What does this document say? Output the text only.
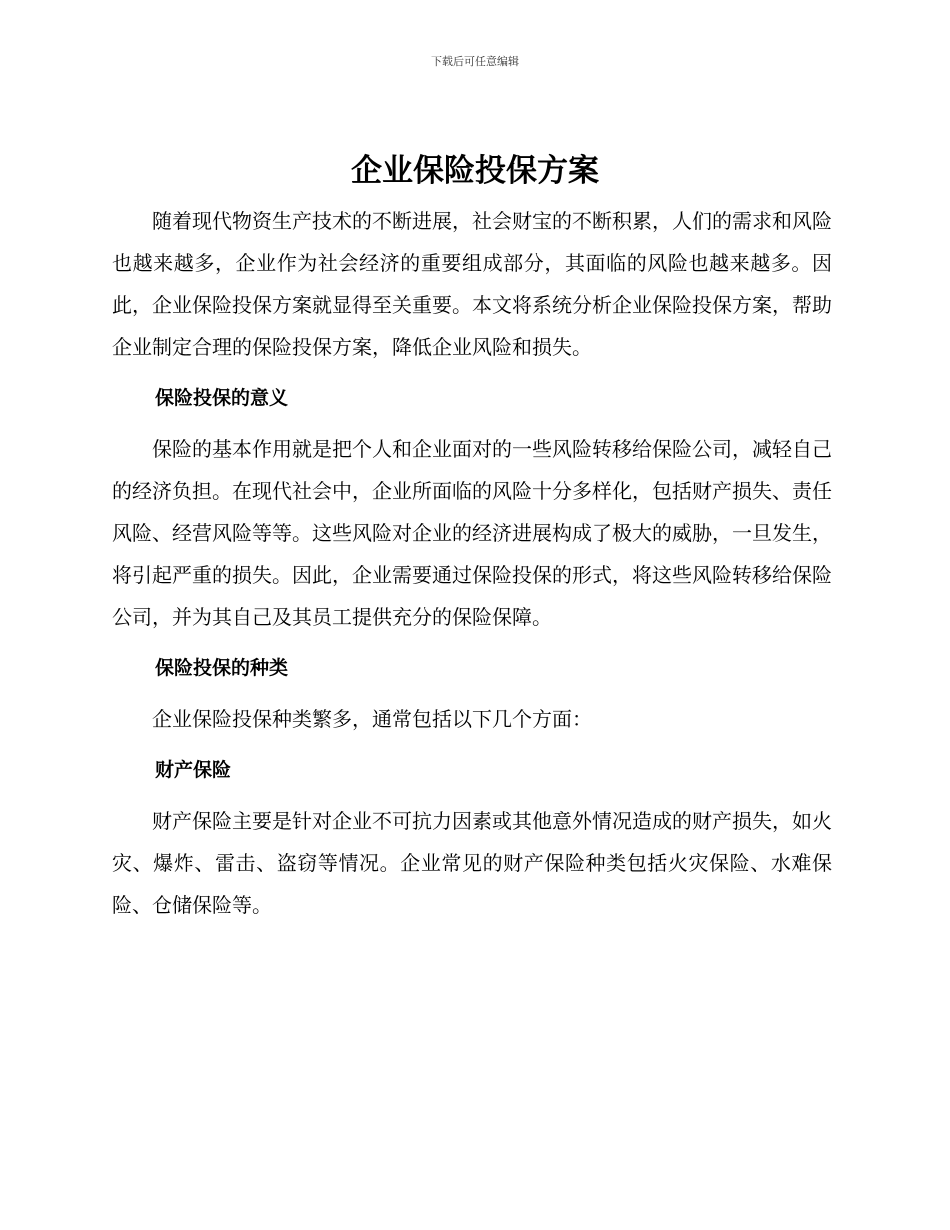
下载后可任意编辑
企业保险投保方案

随着现代物资生产技术的不断进展，社会财宝的不断积累，人们的需求和风险也越来越多，企业作为社会经济的重要组成部分，其面临的风险也越来越多。因此，企业保险投保方案就显得至关重要。本文将系统分析企业保险投保方案，帮助企业制定合理的保险投保方案，降低企业风险和损失。

保险投保的意义

保险的基本作用就是把个人和企业面对的一些风险转移给保险公司，减轻自己的经济负担。在现代社会中，企业所面临的风险十分多样化，包括财产损失、责任风险、经营风险等等。这些风险对企业的经济进展构成了极大的威胁，一旦发生，将引起严重的损失。因此，企业需要通过保险投保的形式，将这些风险转移给保险公司，并为其自己及其员工提供充分的保险保障。

保险投保的种类

企业保险投保种类繁多，通常包括以下几个方面：

财产保险

财产保险主要是针对企业不可抗力因素或其他意外情况造成的财产损失，如火灾、爆炸、雷击、盗窃等情况。企业常见的财产保险种类包括火灾保险、水难保险、仓储保险等。
